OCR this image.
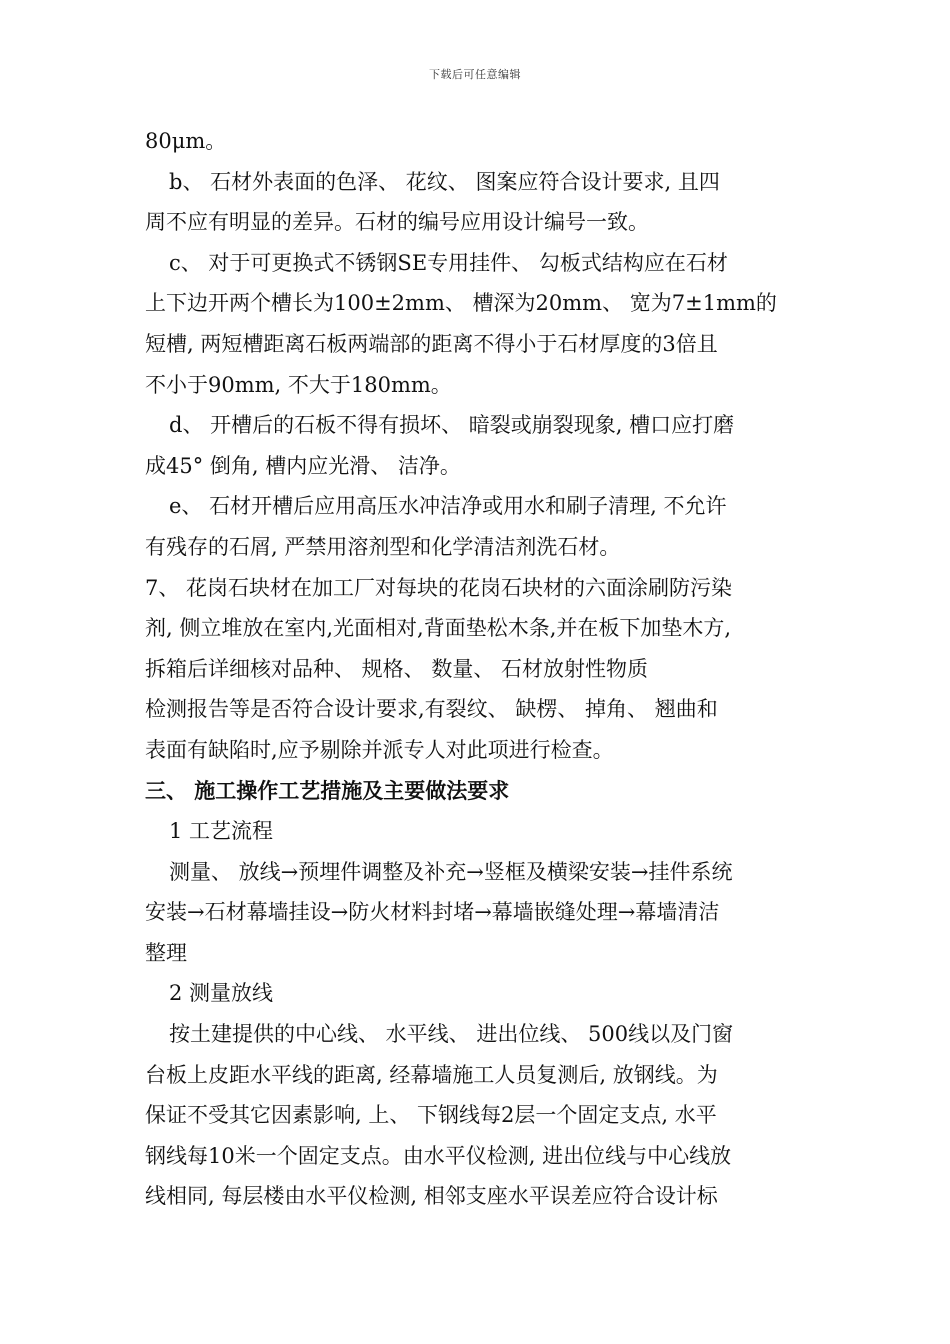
下载后可任意编辑
80μm。
b、 石材外表面的色泽、 花纹、 图案应符合设计要求, 且四
周不应有明显的差异。石材的编号应用设计编号一致。
c、 对于可更换式不锈钢SE专用挂件、 勾板式结构应在石材
上下边开两个槽长为100±2mm、 槽深为20mm、 宽为7±1mm的
短槽, 两短槽距离石板两端部的距离不得小于石材厚度的3倍且
不小于90mm, 不大于180mm。
d、 开槽后的石板不得有损坏、 暗裂或崩裂现象, 槽口应打磨
成45° 倒角, 槽内应光滑、 洁净。
e、 石材开槽后应用高压水冲洁净或用水和刷子清理, 不允许
有残存的石屑, 严禁用溶剂型和化学清洁剂洗石材。
7、 花岗石块材在加工厂对每块的花岗石块材的六面涂刷防污染
剂, 侧立堆放在室内,光面相对,背面垫松木条,并在板下加垫木方,
拆箱后详细核对品种、 规格、 数量、 石材放射性物质
检测报告等是否符合设计要求,有裂纹、 缺楞、 掉角、 翘曲和
表面有缺陷时,应予剔除并派专人对此项进行检查。
三、 施工操作工艺措施及主要做法要求
1 工艺流程
测量、 放线→预埋件调整及补充→竖框及横梁安装→挂件系统
安装→石材幕墙挂设→防火材料封堵→幕墙嵌缝处理→幕墙清洁
整理
2 测量放线
按土建提供的中心线、 水平线、 进出位线、 500线以及门窗
台板上皮距水平线的距离, 经幕墙施工人员复测后, 放钢线。为
保证不受其它因素影响, 上、 下钢线每2层一个固定支点, 水平
钢线每10米一个固定支点。由水平仪检测, 进出位线与中心线放
线相同, 每层楼由水平仪检测, 相邻支座水平误差应符合设计标
